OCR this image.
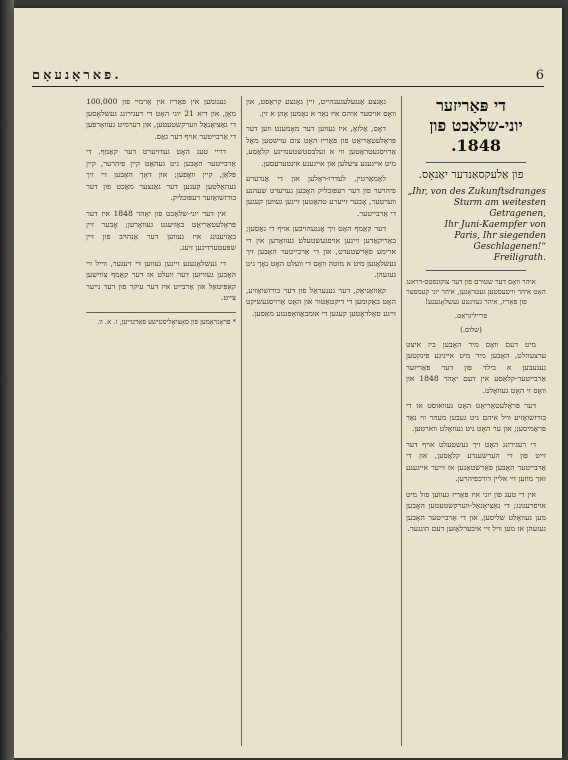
פאראָנעאָם.	6

די פּאַריזער יוני-שלאַכט פון 1848.

פון אַלעקסאַנדער יאַנאָס.

„Ihr, von des Zukunftsdranges
Sturm am weitesten
Getragenen,
Ihr Juni-Kaempfer von
Paris, Ihr siegenden
Geschlagenen!“
Freiligrath.

איהר וואָס דער שטורם פון דער צוקונפטס-דראנג האָט איהר וויטעסטען געטראָגען, איהר יוני קעמפער פון פּאַריז, איהר געזיגטע געשלאָגענע!

פרייליגראַט.

(שלוס.)

מיט דעם וואָס מיר האָבען ביז איצט ערצעהלט, האָבען מיר מיט אייניגע פּינקטען געגעבען א בילד פון דער פּאַריזער אַרבייטער-קלאַסע אין דעם יאָהר 1848 און וואָס זי האָט געוואָלט.

דער פּראָלעטאַריאַט האָט געוואוסט אז די בורזשואַזיע וויל איהם ניט געבען מעהר ווי נאַר פּראָמיסען; און ער האָט ניט געוואָלט ווארטען.

די רעגירונג האָט זיך געשטעלט אויף דער זייט פון די הערשענדע קלאַסען, און די אַרבייטער האָבען פאַרשטאַנען אז זייער אייגענע זאך מוזען זיי אליין דורכפיהרען.

אין די טעג פון יוני איז פּאַריז געווען פול מיט אויפרעגונג; די נאַציאָנאַל-ווערקשטעטען האָבען מען געוואָלט שליסען, און די אַרבייטער האָבען געזעהן אז מען וויל זיי איבערלאָזען דעם הונגער.

גאַנצע אַנגעלעגענהייט, זיין גאַנצע קראַפט, און וואָס אויסער איהם איז נאַר א נאָמען אָהן א זין.

דאָס, אַלזאָ, איז געווען דער מאָמענט ווען דער פּראָלעטאַריאַט פון פּאַריז האָט צום ערשטען מאָל אַרויסגעטראָטען ווי א זעלבסטשטענדיגע קלאַסע, מיט אייגענע ציעלען און אייגענע אינטערעסען.

לאַמאַרטין, לעדרו-ראָלען און די אַנדערע פיהרער פון דער רעפּובליק האָבען גערעדט שעהנע ווערטער, אָבער זייערע טהאַטען זיינען געווען קעגען די אַרבייטער.

דער קאַמף האָט זיך אָנגעהויבען אויף די גאַסען; באַריקאַדען זיינען אויפגעשטעלט געוואָרען אין די ארימע פאָרשטעדט, און די אַרבייטער האָבען זיך געשלאָגען מיט א מוטה וואָס די וועלט האָט נאָך ניט געזעהן.

קאַוואַניאַק, דער גענעראַל פון דער בורזשואַזיע, האָט באַקומען די דיקטאַטור און האָט אַרויסגעשיקט זיינע סאָלדאַטען קעגען די אומבאַוואָפנטע מאַסען.

גענומען אין פּאַריז אין אַרמיי פון 100,000 מאַן, און דיא 21 יוני האָט די רעגירונג געשלאָסען די נאַציאָנאַל ווערקשטעטען, און דערמיט געוואָרפען די אַרבייטער אויף דער גאַס.

דריי טעג האָט געדויערט דער קאַמף. די אַרבייטער האָבען ניט געהאַט קיין פיהרער, קיין פּלאַן, קיין וואָפען; און דאָך האָבען זיי זיך געהאַלטען קעגען דער גאַנצער מאַכט פון דער בורזשואַזער רעפּובליק.

אין דער יוני-שלאַכט פון יאָהר 1848 איז דער פּראָלעטאַריאַט באַזיעגט געוואָרען; אָבער זיין באַזיעגונג איז געווען דער אָנהויב פון זיין שפּעטערדיגען זיעג.

די געשלאָגענע זיינען געווען די זיעגער, ווייל זיי האָבען געוויזען דער וועלט אז דער קאַמף צווישען קאַפּיטאַל און אַרבייט איז דער עיקר פון דער נייער צייט.

* פּראָגראַמען פון סאָציאַליסטישע פּאַרטייען, ז. א. וו.
